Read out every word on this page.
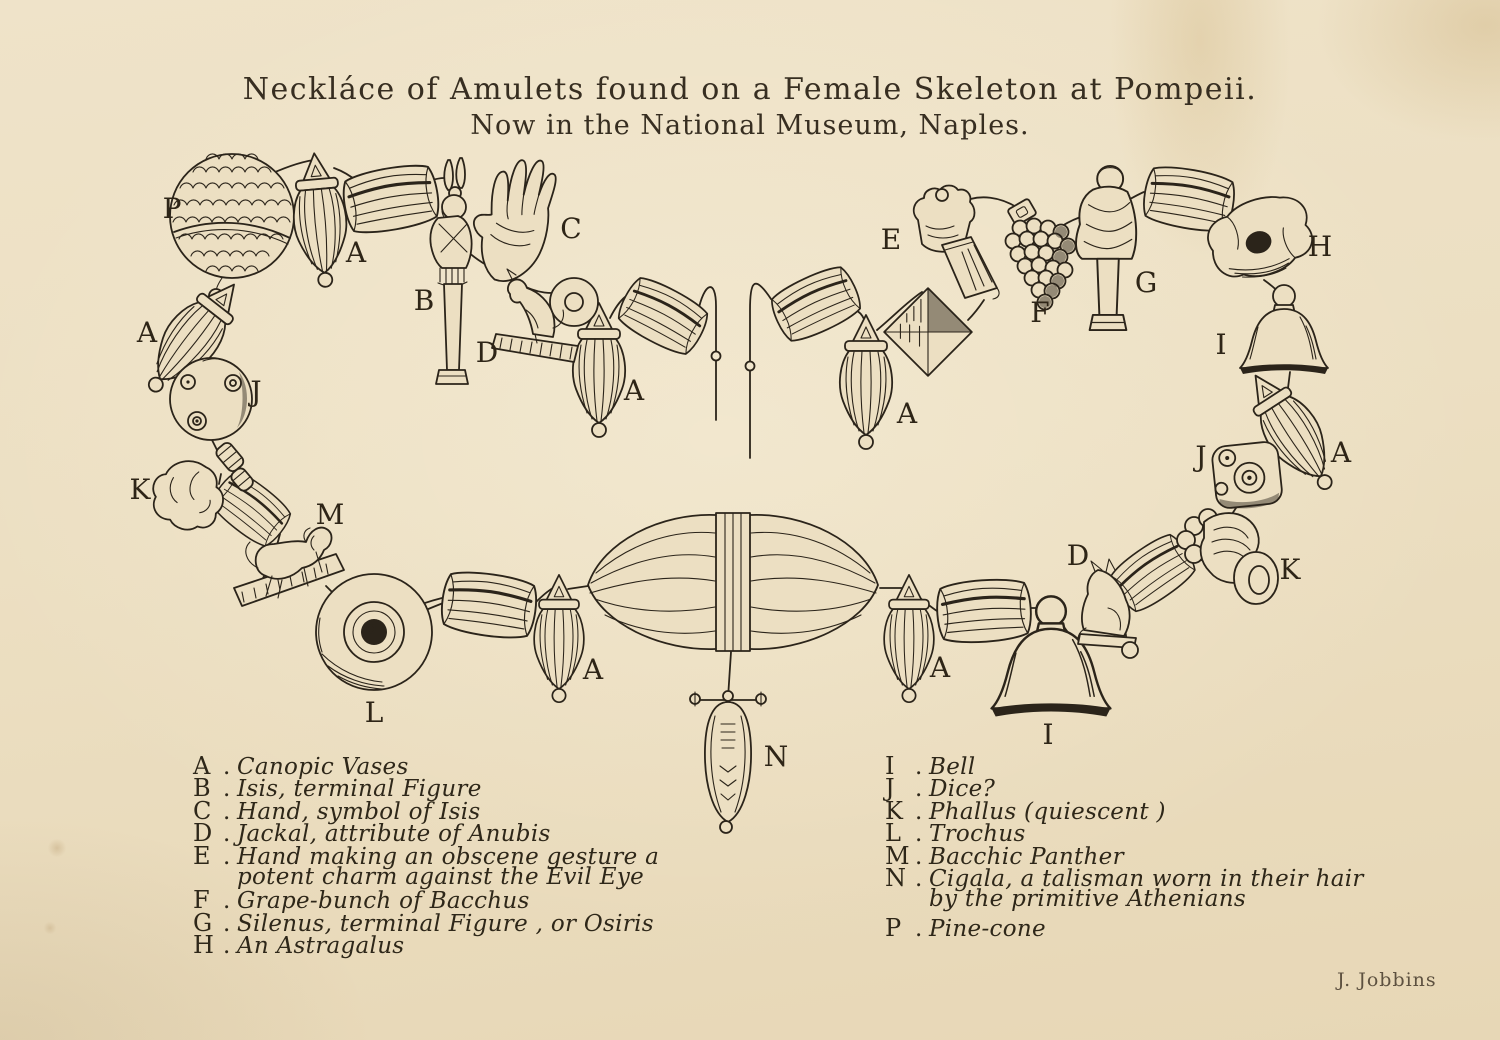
Neckláce of Amulets found on a Female Skeleton at Pompeii.
Now in the National Museum, Naples.
P
A
A
B
C
D
J
K
M
L
A
A
N
A
A
E
F
G
H
I
A
J
K
D
I
A . Canopic Vases
B . Isis, terminal Figure
C . Hand, symbol of Isis
D . Jackal, attribute of Anubis
E . Hand making an obscene gesture a
potent charm against the Evil Eye
F . Grape-bunch of Bacchus
G . Silenus, terminal Figure , or Osiris
H . An Astragalus
I . Bell
J . Dice?
K . Phallus (quiescent )
L . Trochus
M . Bacchic Panther
N . Cigala, a talisman worn in their hair
by the primitive Athenians
P . Pine-cone
J. Jobbins
